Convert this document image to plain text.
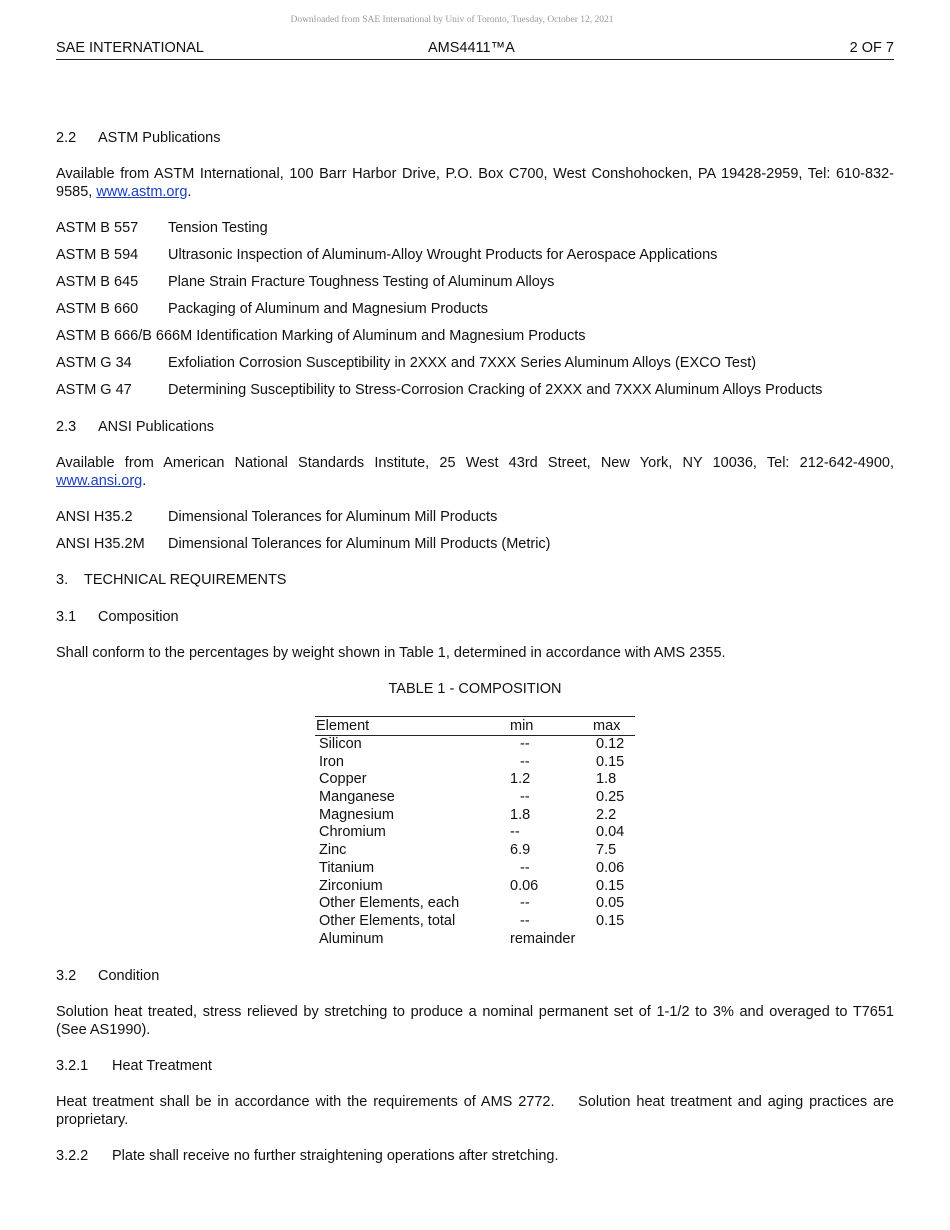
Downloaded from SAE International by Univ of Toronto, Tuesday, October 12, 2021
SAE INTERNATIONAL	AMS4411™A	2 OF 7
2.2 ASTM Publications

Available from ASTM International, 100 Barr Harbor Drive, P.O. Box C700, West Conshohocken, PA 19428-2959, Tel: 610-832-9585, www.astm.org.

ASTM B 557 Tension Testing
ASTM B 594 Ultrasonic Inspection of Aluminum-Alloy Wrought Products for Aerospace Applications
ASTM B 645 Plane Strain Fracture Toughness Testing of Aluminum Alloys
ASTM B 660 Packaging of Aluminum and Magnesium Products
ASTM B 666/B 666M Identification Marking of Aluminum and Magnesium Products
ASTM G 34	Exfoliation Corrosion Susceptibility in 2XXX and 7XXX Series Aluminum Alloys (EXCO Test)
ASTM G 47	Determining Susceptibility to Stress-Corrosion Cracking of 2XXX and 7XXX Aluminum Alloys Products
2.3 ANSI Publications

Available from American National Standards Institute, 25 West 43rd Street, New York, NY 10036, Tel: 212-642-4900, www.ansi.org.

ANSI H35.2 Dimensional Tolerances for Aluminum Mill Products
ANSI H35.2M Dimensional Tolerances for Aluminum Mill Products (Metric)
3. TECHNICAL REQUIREMENTS
3.1 Composition

Shall conform to the percentages by weight shown in Table 1, determined in accordance with AMS 2355.

TABLE 1 - COMPOSITION
Element	min	max
Silicon	--	0.12
Iron	--	0.15
Copper	1.2	1.8
Manganese	--	0.25
Magnesium	1.8	2.2
Chromium	--	0.04
Zinc	6.9	7.5
Titanium	--	0.06
Zirconium	0.06	0.15
Other Elements, each	--	0.05
Other Elements, total	--	0.15
Aluminum	remainder
3.2 Condition

Solution heat treated, stress relieved by stretching to produce a nominal permanent set of 1-1/2 to 3% and overaged to T7651 (See AS1990).

3.2.1 Heat Treatment

Heat treatment shall be in accordance with the requirements of AMS 2772.    Solution heat treatment and aging practices are proprietary.

3.2.2 Plate shall receive no further straightening operations after stretching.
